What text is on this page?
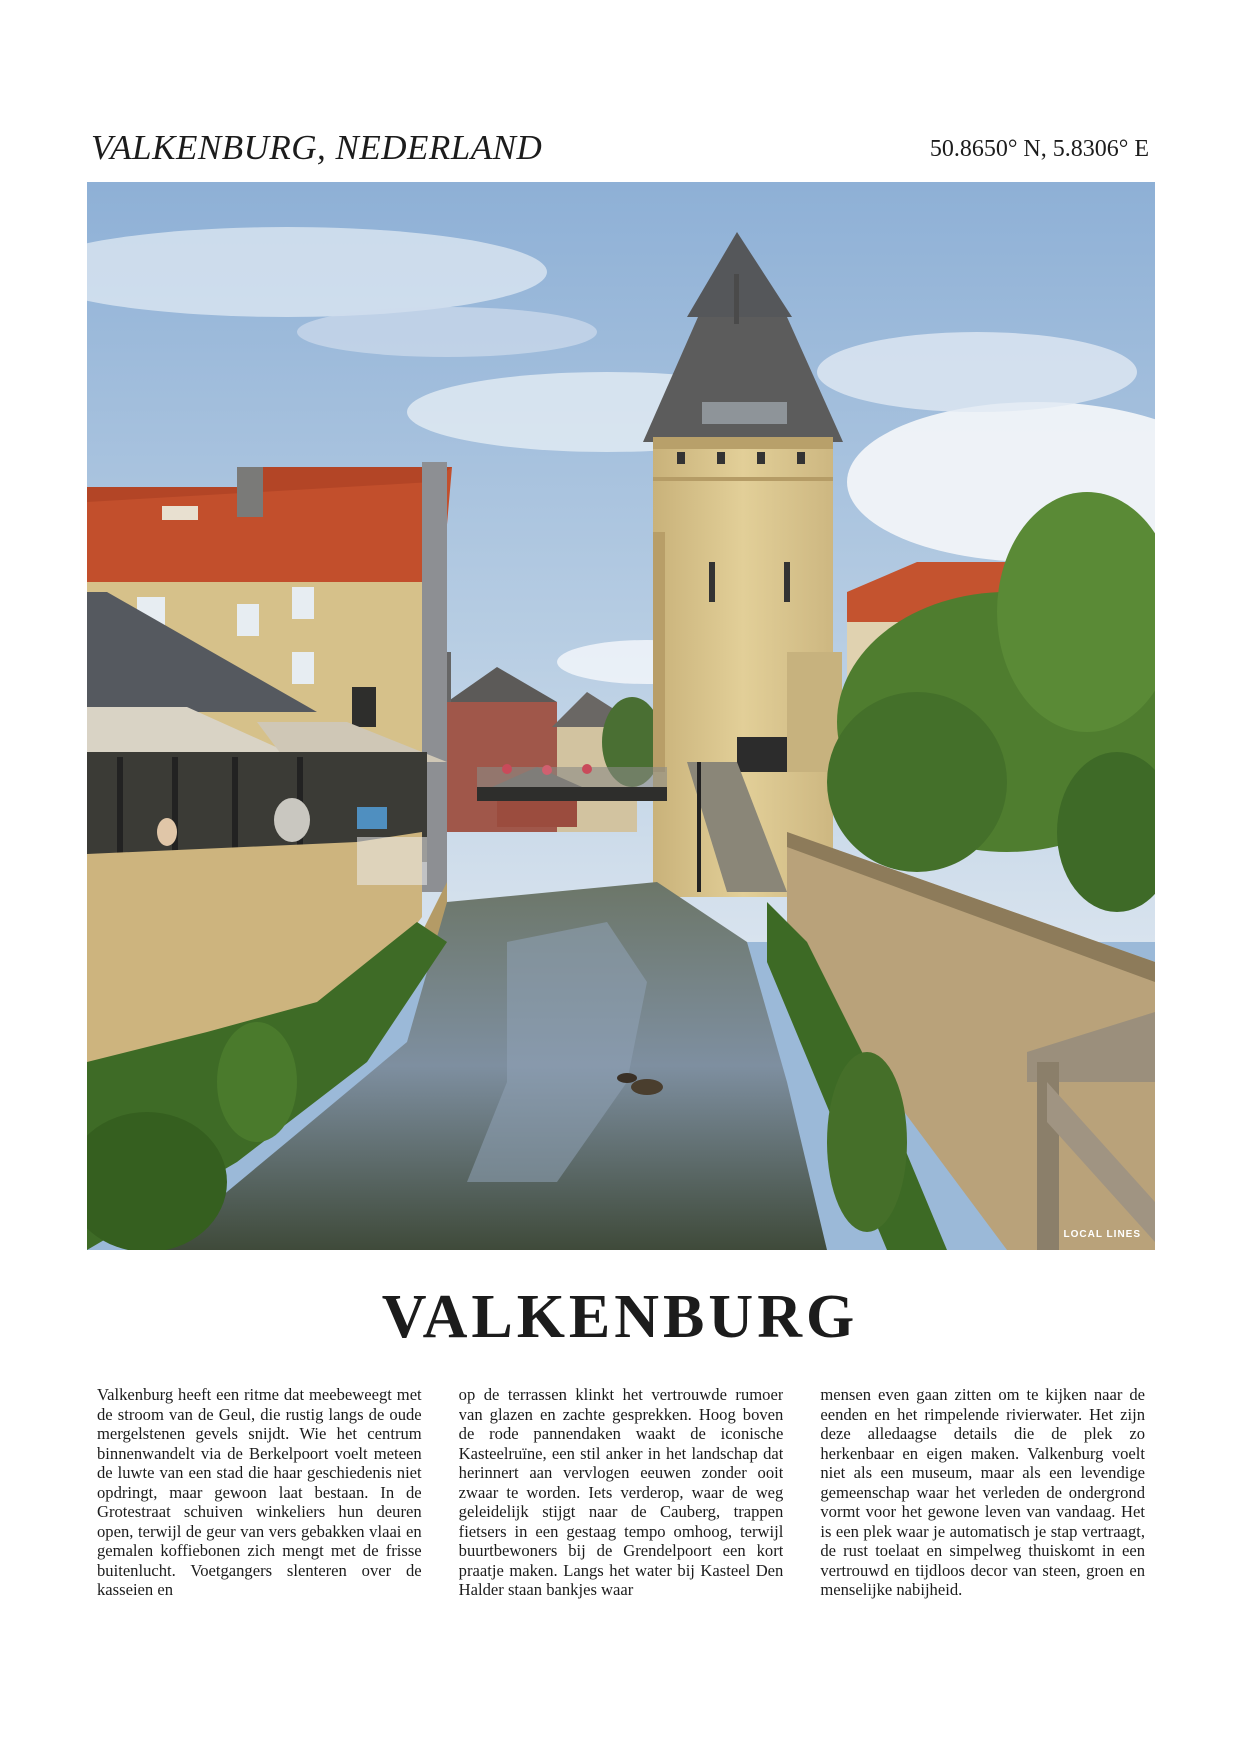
VALKENBURG, NEDERLAND	50.8650° N, 5.8306° E
LOCAL LINES
VALKENBURG

Valkenburg heeft een ritme dat meebeweegt met de stroom van de Geul, die rustig langs de oude mergelstenen gevels snijdt. Wie het centrum binnenwandelt via de Berkelpoort voelt meteen de luwte van een stad die haar geschiedenis niet opdringt, maar gewoon laat bestaan. In de Grotestraat schuiven winkeliers hun deuren open, terwijl de geur van vers gebakken vlaai en gemalen koffiebonen zich mengt met de frisse buitenlucht. Voetgangers slenteren over de kasseien en

op de terrassen klinkt het vertrouwde rumoer van glazen en zachte gesprekken. Hoog boven de rode pannendaken waakt de iconische Kasteelruïne, een stil anker in het landschap dat herinnert aan vervlogen eeuwen zonder ooit zwaar te worden. Iets verderop, waar de weg geleidelijk stijgt naar de Cauberg, trappen fietsers in een gestaag tempo omhoog, terwijl buurtbewoners bij de Grendelpoort een kort praatje maken. Langs het water bij Kasteel Den Halder staan bankjes waar

mensen even gaan zitten om te kijken naar de eenden en het rimpelende rivierwater. Het zijn deze alledaagse details die de plek zo herkenbaar en eigen maken. Valkenburg voelt niet als een museum, maar als een levendige gemeenschap waar het verleden de ondergrond vormt voor het gewone leven van vandaag. Het is een plek waar je automatisch je stap vertraagt, de rust toelaat en simpelweg thuiskomt in een vertrouwd en tijdloos decor van steen, groen en menselijke nabijheid.
